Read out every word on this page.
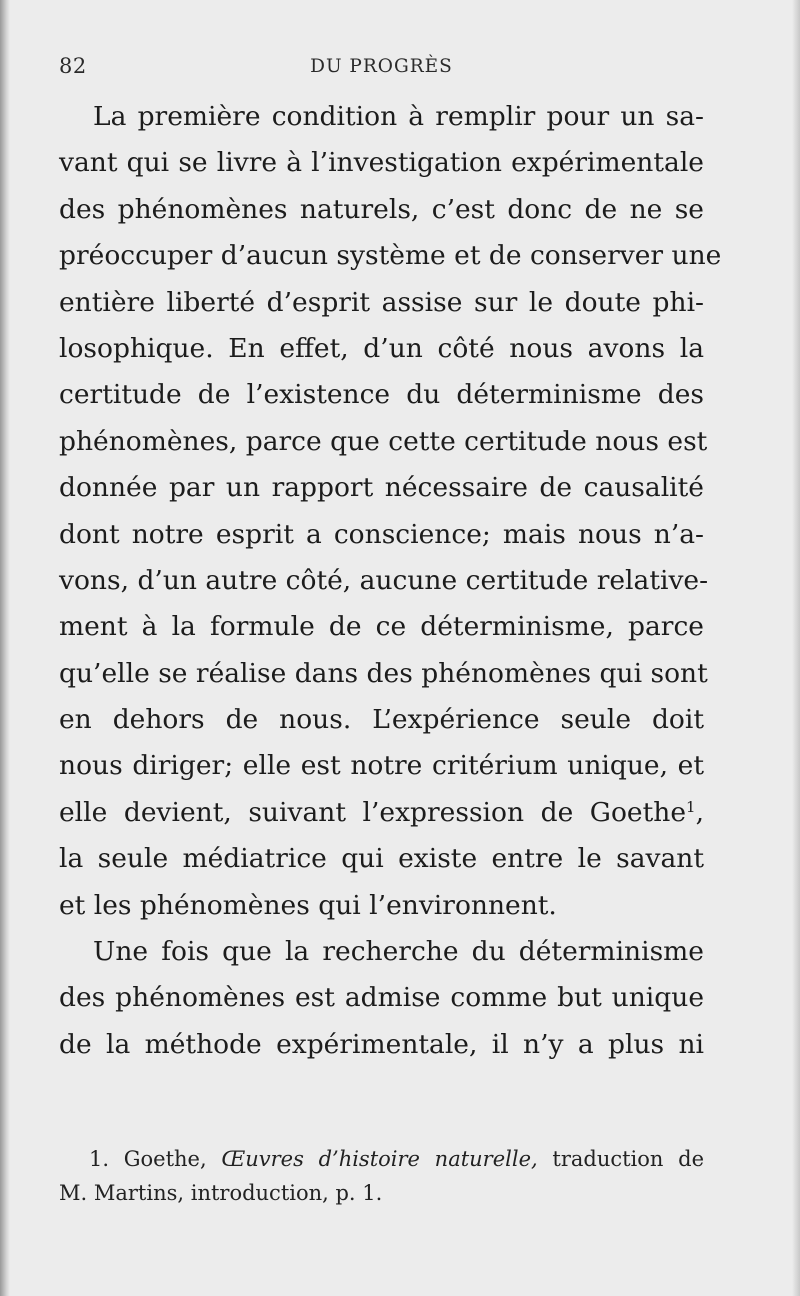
82	DU PROGRÈS
La première condition à remplir pour un sa-
vant qui se livre à l’investigation expérimentale
des phénomènes naturels, c’est donc de ne se
préoccuper d’aucun système et de conserver une
entière liberté d’esprit assise sur le doute phi-
losophique. En effet, d’un côté nous avons la
certitude de l’existence du déterminisme des
phénomènes, parce que cette certitude nous est
donnée par un rapport nécessaire de causalité
dont notre esprit a conscience; mais nous n’a-
vons, d’un autre côté, aucune certitude relative-
ment à la formule de ce déterminisme, parce
qu’elle se réalise dans des phénomènes qui sont
en dehors de nous. L’expérience seule doit
nous diriger; elle est notre critérium unique, et
elle devient, suivant l’expression de Goethe$^1$,
la seule médiatrice qui existe entre le savant
et les phénomènes qui l’environnent.
Une fois que la recherche du déterminisme
des phénomènes est admise comme but unique
de la méthode expérimentale, il n’y a plus ni
1. Goethe, Œuvres d’histoire naturelle, traduction de
M. Martins, introduction, p. 1.
